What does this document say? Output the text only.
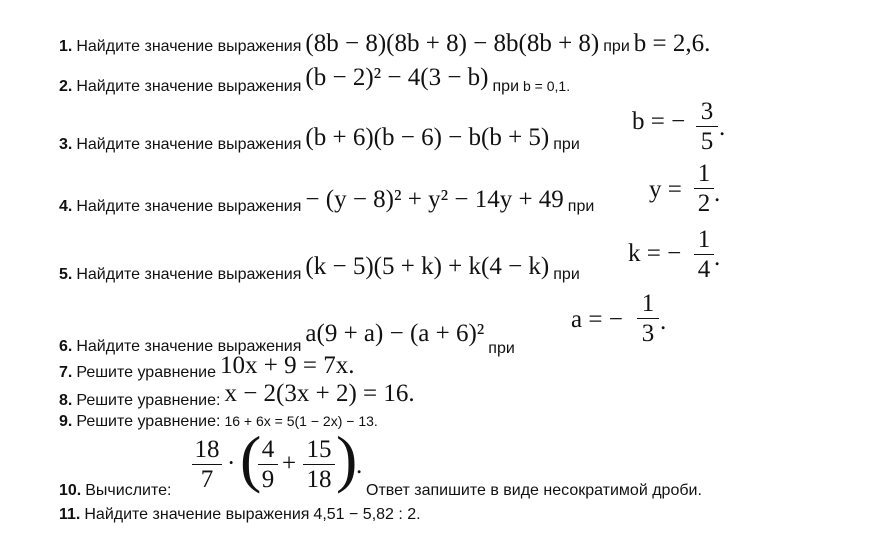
1. Найдите значение выражения (8b − 8)(8b + 8) − 8b(8b + 8) при b = 2,6.
2. Найдите значение выражения (b − 2)² − 4(3 − b) при b = 0,1.
3. Найдите значение выражения (b + 6)(b − 6) − b(b + 5) при
b = − 3
5
.
4. Найдите значение выражения − (y − 8)² + y² − 14y + 49 при
y =
1
2 .
5. Найдите значение выражения (k − 5)(5 + k) + k(4 − k) при
k = −
1
4 .
6. Найдите значение выражения a(9 + a) − (a + 6)² при
a = −
1
3 .
7. Решите уравнение 10x + 9 = 7x.
8. Решите уравнение: x − 2(3x + 2) = 16.
9. Решите уравнение: 16 + 6x = 5(1 − 2x) − 13.
10. Вычислите:
18
7
· ( 4
9
+
15
18 )
.
Ответ запишите в виде несократимой дроби.
11. Найдите значение выражения 4,51 − 5,82 : 2.
